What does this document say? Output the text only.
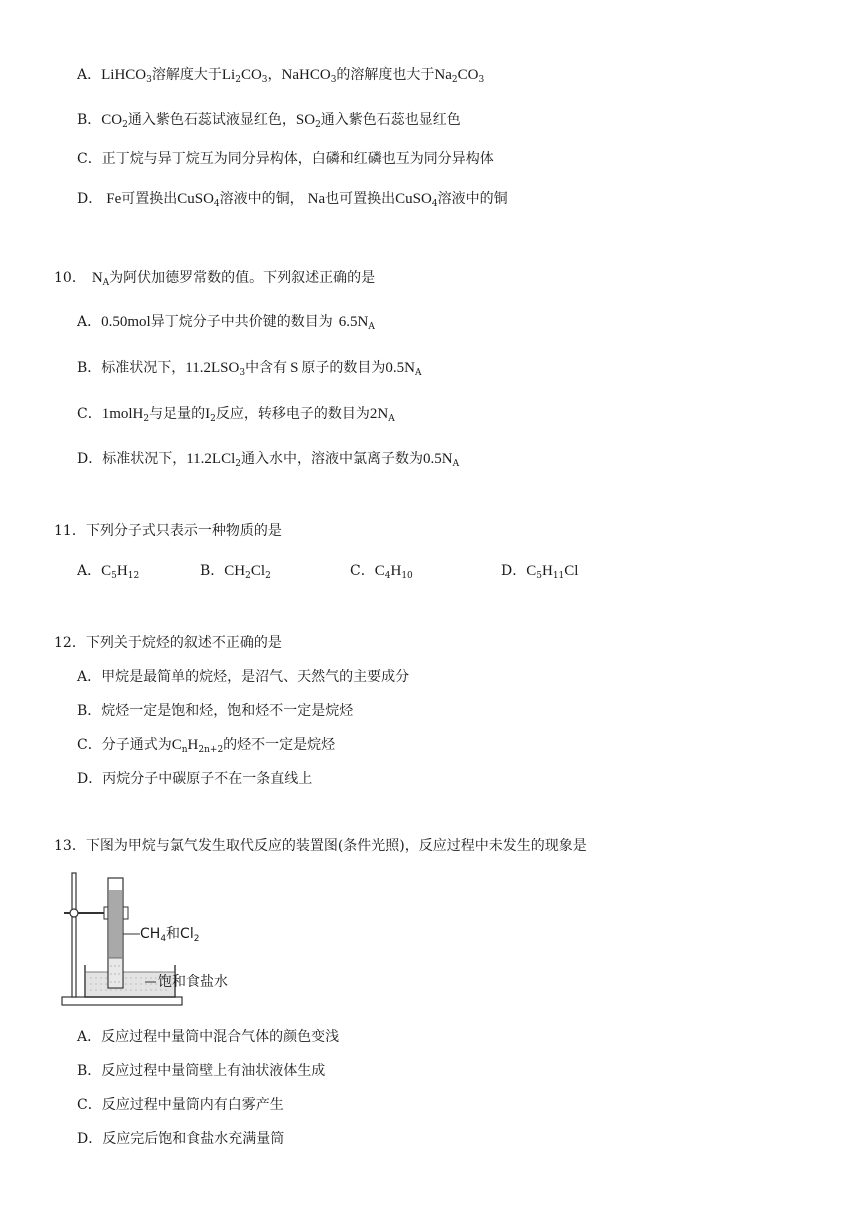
A．LiHCO$_3$溶解度大于$Li_2CO_3$，NaHCO$_3$的溶解度也大于$Na_2CO_3$
B．$CO_2$通入紫色石蕊试液显红色，$SO_2$通入紫色石蕊也显红色
C．正丁烷与异丁烷互为同分异构体，白磷和红磷也互为同分异构体
D． Fe可置换出CuSO$_4$溶液中的铜， Na也可置换出CuSO$_4$溶液中的铜
10． $N_A$为阿伏加德罗常数的值。下列叙述正确的是
A．0.50mol异丁烷分子中共价键的数目为 $6.5N_A$
B．标准状况下，$11.2LSO_3$中含有 S 原子的数目为$0.5N_A$
C．1molH$_2$与足量的$I_2$反应，转移电子的数目为$2N_A$
D．标准状况下，11.2LCl$_2$通入水中，溶液中氯离子数为$0.5N_A$
11．下列分子式只表示一种物质的是
A．$C_5H_{12}$	B．$CH_2Cl_2$	C．$C_4H_{10}$	D．$C_5H_{11}Cl$
12．下列关于烷烃的叙述不正确的是
A．甲烷是最简单的烷烃，是沼气、天然气的主要成分
B．烷烃一定是饱和烃，饱和烃不一定是烷烃
C．分子通式为$C_nH_{2n+2}$的烃不一定是烷烃
D．丙烷分子中碳原子不在一条直线上
13．下图为甲烷与氯气发生取代反应的装置图(条件光照)，反应过程中未发生的现象是
$CH_4$和$Cl_2$
饱和食盐水
A．反应过程中量筒中混合气体的颜色变浅
B．反应过程中量筒壁上有油状液体生成
C．反应过程中量筒内有白雾产生
D．反应完后饱和食盐水充满量筒
